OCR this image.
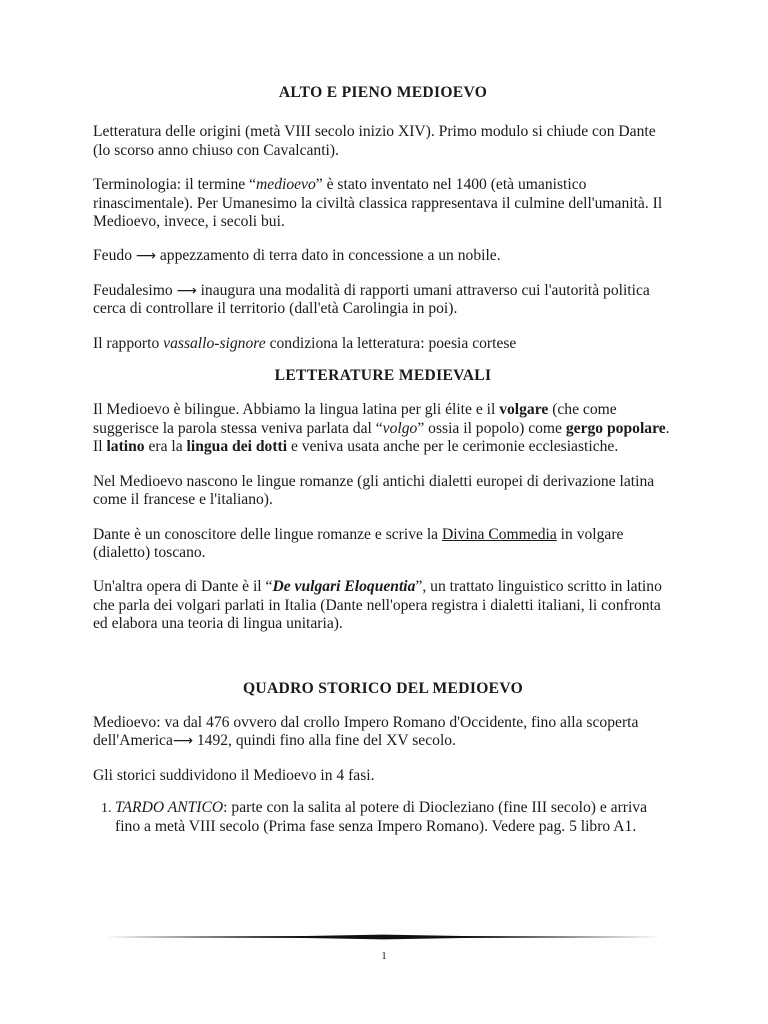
ALTO E PIENO MEDIOEVO

Letteratura delle origini (metà VIII secolo inizio XIV). Primo modulo si chiude con Dante (lo scorso anno chiuso con Cavalcanti).

Terminologia: il termine “medioevo” è stato inventato nel 1400 (età umanistico rinascimentale). Per Umanesimo la civiltà classica rappresentava il culmine dell'umanità. Il Medioevo, invece, i secoli bui.

Feudo ⟶ appezzamento di terra dato in concessione a un nobile.

Feudalesimo ⟶ inaugura una modalità di rapporti umani attraverso cui l'autorità politica cerca di controllare il territorio (dall'età Carolingia in poi).

Il rapporto vassallo-signore condiziona la letteratura: poesia cortese

LETTERATURE MEDIEVALI

Il Medioevo è bilingue. Abbiamo la lingua latina per gli élite e il volgare (che come suggerisce la parola stessa veniva parlata dal “volgo” ossia il popolo) come gergo popolare. Il latino era la lingua dei dotti e veniva usata anche per le cerimonie ecclesiastiche.

Nel Medioevo nascono le lingue romanze (gli antichi dialetti europei di derivazione latina come il francese e l'italiano).

Dante è un conoscitore delle lingue romanze e scrive la Divina Commedia in volgare (dialetto) toscano.

Un'altra opera di Dante è il “De vulgari Eloquentia”, un trattato linguistico scritto in latino che parla dei volgari parlati in Italia (Dante nell'opera registra i dialetti italiani, li confronta ed elabora una teoria di lingua unitaria).

QUADRO STORICO DEL MEDIOEVO

Medioevo: va dal 476 ovvero dal crollo Impero Romano d'Occidente, fino alla scoperta dell'America⟶ 1492, quindi fino alla fine del XV secolo.

Gli storici suddividono il Medioevo in 4 fasi.

1. TARDO ANTICO: parte con la salita al potere di Diocleziano (fine III secolo) e arriva fino a metà VIII secolo (Prima fase senza Impero Romano). Vedere pag. 5 libro A1.
1
